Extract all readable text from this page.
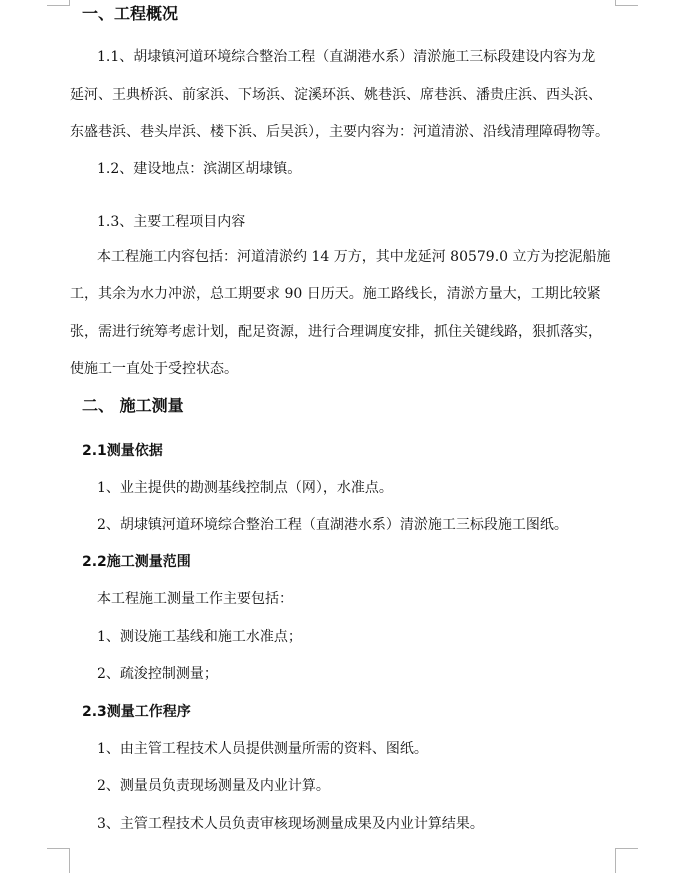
一、工程概况
1.1、胡埭镇河道环境综合整治工程（直湖港水系）清淤施工三标段建设内容为龙
延河、王典桥浜、前家浜、下场浜、淀溪环浜、姚巷浜、席巷浜、潘贵庄浜、西头浜、
东盛巷浜、巷头岸浜、楼下浜、后吴浜），主要内容为：河道清淤、沿线清理障碍物等。
1.2、建设地点：滨湖区胡埭镇。
1.3、主要工程项目内容
本工程施工内容包括：河道清淤约 14 万方，其中龙延河 80579.0 立方为挖泥船施
工，其余为水力冲淤，总工期要求 90 日历天。施工路线长，清淤方量大，工期比较紧
张，需进行统筹考虑计划，配足资源，进行合理调度安排，抓住关键线路，狠抓落实，
使施工一直处于受控状态。
二、 施工测量
2.1测量依据
1、业主提供的勘测基线控制点（网），水准点。
2、胡埭镇河道环境综合整治工程（直湖港水系）清淤施工三标段施工图纸。
2.2施工测量范围
本工程施工测量工作主要包括：
1、测设施工基线和施工水准点；
2、疏浚控制测量；
2.3测量工作程序
1、由主管工程技术人员提供测量所需的资料、图纸。
2、测量员负责现场测量及内业计算。
3、主管工程技术人员负责审核现场测量成果及内业计算结果。
